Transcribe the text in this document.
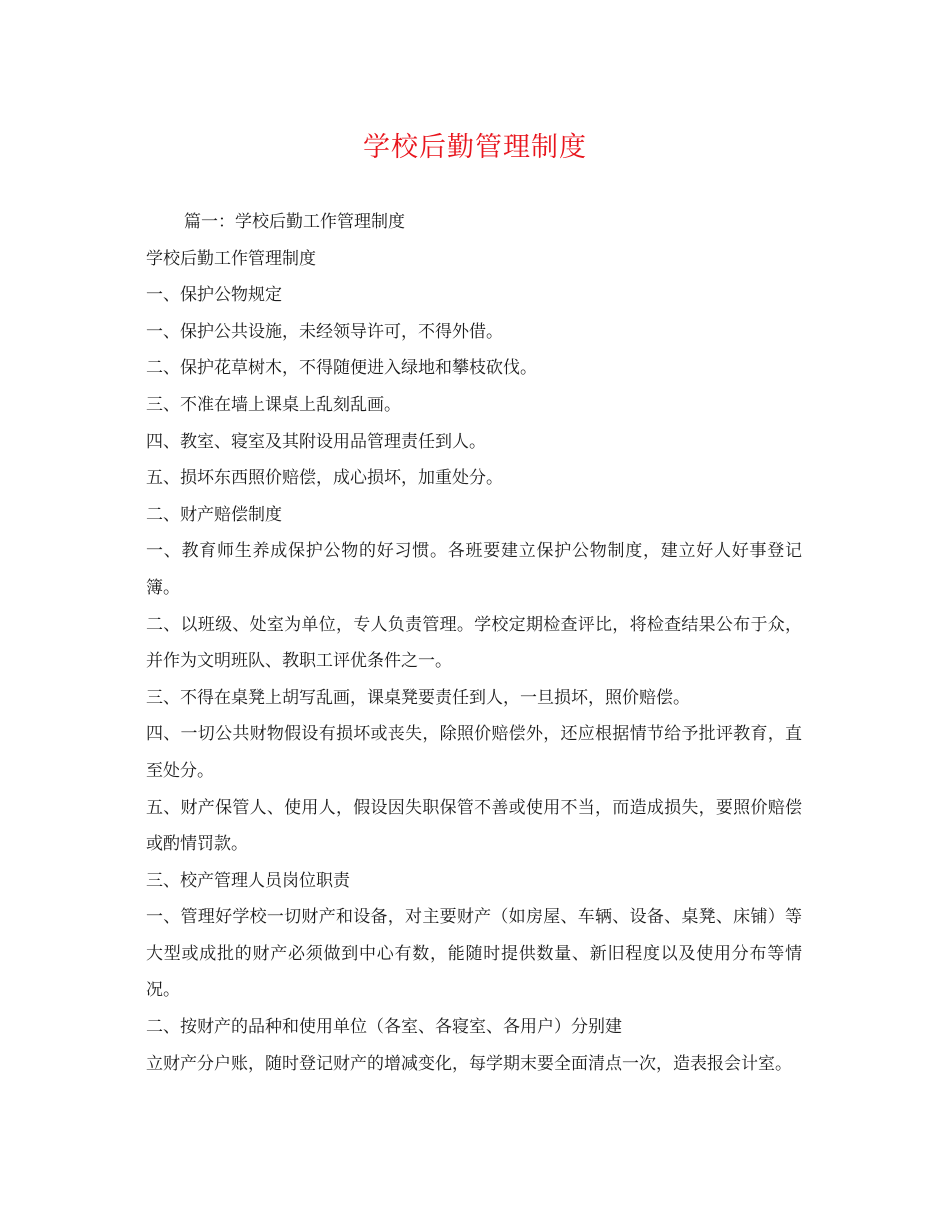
学校后勤管理制度

篇一：学校后勤工作管理制度

学校后勤工作管理制度

一、保护公物规定

一、保护公共设施，未经领导许可，不得外借。

二、保护花草树木，不得随便进入绿地和攀枝砍伐。

三、不准在墙上课桌上乱刻乱画。

四、教室、寝室及其附设用品管理责任到人。

五、损坏东西照价赔偿，成心损坏，加重处分。

二、财产赔偿制度

一、教育师生养成保护公物的好习惯。各班要建立保护公物制度，建立好人好事登记簿。

二、以班级、处室为单位，专人负责管理。学校定期检查评比，将检查结果公布于众，并作为文明班队、教职工评优条件之一。

三、不得在桌凳上胡写乱画，课桌凳要责任到人，一旦损坏，照价赔偿。

四、一切公共财物假设有损坏或丧失，除照价赔偿外，还应根据情节给予批评教育，直至处分。

五、财产保管人、使用人，假设因失职保管不善或使用不当，而造成损失，要照价赔偿或酌情罚款。

三、校产管理人员岗位职责

一、管理好学校一切财产和设备，对主要财产（如房屋、车辆、设备、桌凳、床铺）等大型或成批的财产必须做到中心有数，能随时提供数量、新旧程度以及使用分布等情况。

二、按财产的品种和使用单位（各室、各寝室、各用户）分别建

立财产分户账，随时登记财产的增减变化，每学期末要全面清点一次，造表报会计室。
